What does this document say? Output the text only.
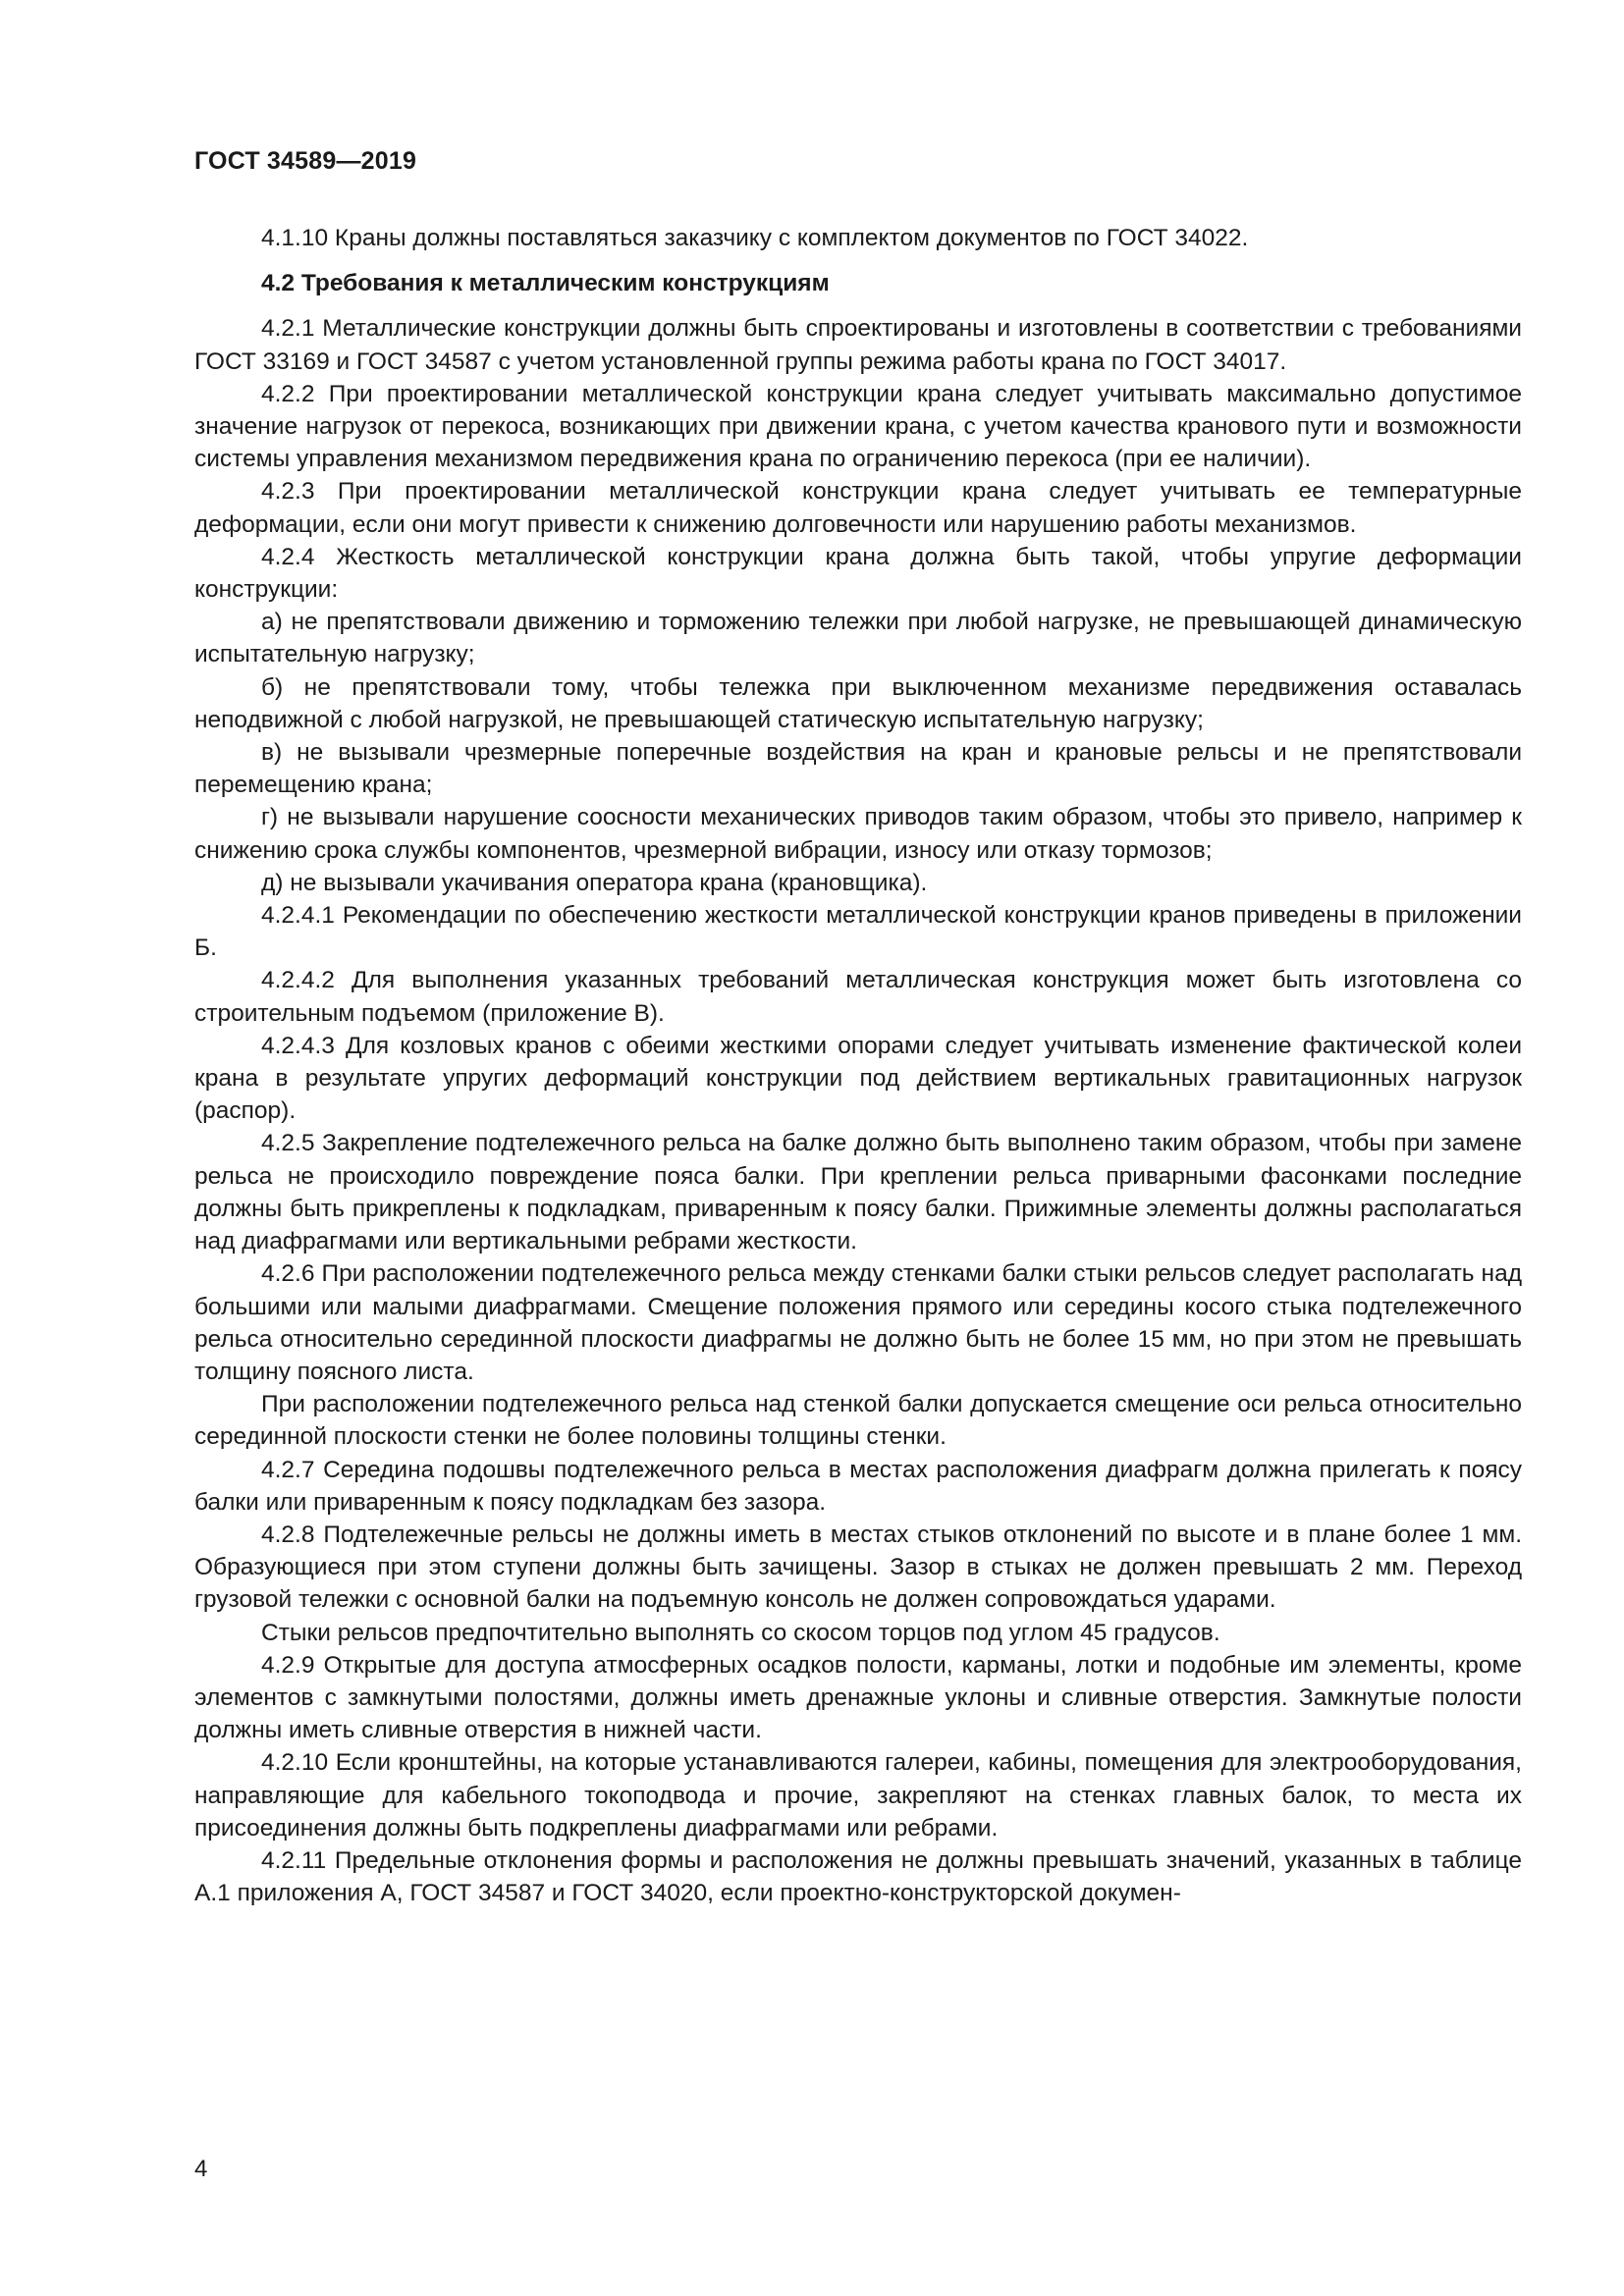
ГОСТ 34589—2019

4.1.10 Краны должны поставляться заказчику с комплектом документов по ГОСТ 34022.

4.2 Требования к металлическим конструкциям

4.2.1 Металлические конструкции должны быть спроектированы и изготовлены в соответствии с требованиями ГОСТ 33169 и ГОСТ 34587 с учетом установленной группы режима работы крана по ГОСТ 34017.

4.2.2 При проектировании металлической конструкции крана следует учитывать максимально допустимое значение нагрузок от перекоса, возникающих при движении крана, с учетом качества кранового пути и возможности системы управления механизмом передвижения крана по ограничению перекоса (при ее наличии).

4.2.3 При проектировании металлической конструкции крана следует учитывать ее температурные деформации, если они могут привести к снижению долговечности или нарушению работы механизмов.

4.2.4 Жесткость металлической конструкции крана должна быть такой, чтобы упругие деформации конструкции:

а) не препятствовали движению и торможению тележки при любой нагрузке, не превышающей динамическую испытательную нагрузку;

б) не препятствовали тому, чтобы тележка при выключенном механизме передвижения оставалась неподвижной с любой нагрузкой, не превышающей статическую испытательную нагрузку;

в) не вызывали чрезмерные поперечные воздействия на кран и крановые рельсы и не препятствовали перемещению крана;

г) не вызывали нарушение соосности механических приводов таким образом, чтобы это привело, например к снижению срока службы компонентов, чрезмерной вибрации, износу или отказу тормозов;

д) не вызывали укачивания оператора крана (крановщика).

4.2.4.1 Рекомендации по обеспечению жесткости металлической конструкции кранов приведены в приложении Б.

4.2.4.2 Для выполнения указанных требований металлическая конструкция может быть изготовлена со строительным подъемом (приложение В).

4.2.4.3 Для козловых кранов с обеими жесткими опорами следует учитывать изменение фактической колеи крана в результате упругих деформаций конструкции под действием вертикальных гравитационных нагрузок (распор).

4.2.5 Закрепление подтележечного рельса на балке должно быть выполнено таким образом, чтобы при замене рельса не происходило повреждение пояса балки. При креплении рельса приварными фасонками последние должны быть прикреплены к подкладкам, приваренным к поясу балки. Прижимные элементы должны располагаться над диафрагмами или вертикальными ребрами жесткости.

4.2.6 При расположении подтележечного рельса между стенками балки стыки рельсов следует располагать над большими или малыми диафрагмами. Смещение положения прямого или середины косого стыка подтележечного рельса относительно серединной плоскости диафрагмы не должно быть не более 15 мм, но при этом не превышать толщину поясного листа.

При расположении подтележечного рельса над стенкой балки допускается смещение оси рельса относительно серединной плоскости стенки не более половины толщины стенки.

4.2.7 Середина подошвы подтележечного рельса в местах расположения диафрагм должна прилегать к поясу балки или приваренным к поясу подкладкам без зазора.

4.2.8 Подтележечные рельсы не должны иметь в местах стыков отклонений по высоте и в плане более 1 мм. Образующиеся при этом ступени должны быть зачищены. Зазор в стыках не должен превышать 2 мм. Переход грузовой тележки с основной балки на подъемную консоль не должен сопровождаться ударами.

Стыки рельсов предпочтительно выполнять со скосом торцов под углом 45 градусов.

4.2.9 Открытые для доступа атмосферных осадков полости, карманы, лотки и подобные им элементы, кроме элементов с замкнутыми полостями, должны иметь дренажные уклоны и сливные отверстия. Замкнутые полости должны иметь сливные отверстия в нижней части.

4.2.10 Если кронштейны, на которые устанавливаются галереи, кабины, помещения для электрооборудования, направляющие для кабельного токоподвода и прочие, закрепляют на стенках главных балок, то места их присоединения должны быть подкреплены диафрагмами или ребрами.

4.2.11 Предельные отклонения формы и расположения не должны превышать значений, указанных в таблице А.1 приложения А, ГОСТ 34587 и ГОСТ 34020, если проектно-конструкторской докумен-

4
